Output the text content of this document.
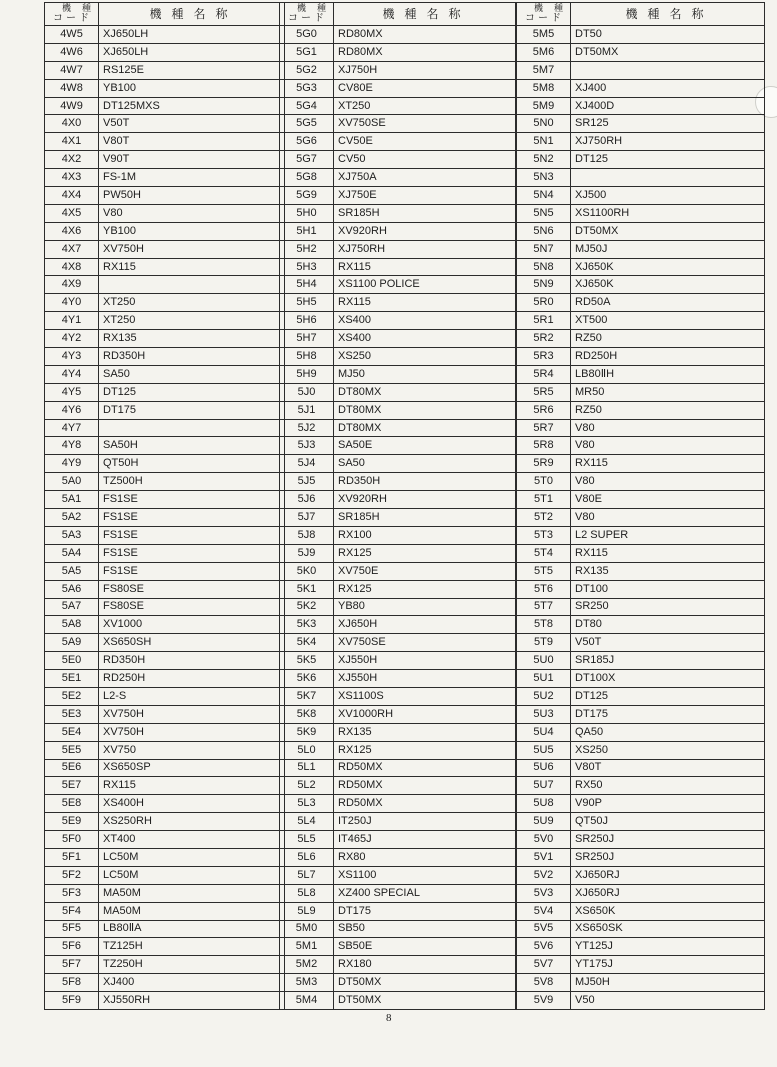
機　種
コード	機種名称
4W5	XJ650LH
4W6	XJ650LH
4W7	RS125E
4W8	YB100
4W9	DT125MXS
4X0	V50T
4X1	V80T
4X2	V90T
4X3	FS-1M
4X4	PW50H
4X5	V80
4X6	YB100
4X7	XV750H
4X8	RX115
4X9	
4Y0	XT250
4Y1	XT250
4Y2	RX135
4Y3	RD350H
4Y4	SA50
4Y5	DT125
4Y6	DT175
4Y7	
4Y8	SA50H
4Y9	QT50H
5A0	TZ500H
5A1	FS1SE
5A2	FS1SE
5A3	FS1SE
5A4	FS1SE
5A5	FS1SE
5A6	FS80SE
5A7	FS80SE
5A8	XV1000
5A9	XS650SH
5E0	RD350H
5E1	RD250H
5E2	L2-S
5E3	XV750H
5E4	XV750H
5E5	XV750
5E6	XS650SP
5E7	RX115
5E8	XS400H
5E9	XS250RH
5F0	XT400
5F1	LC50M
5F2	LC50M
5F3	MA50M
5F4	MA50M
5F5	LB80ⅡA
5F6	TZ125H
5F7	TZ250H
5F8	XJ400
5F9	XJ550RH
機　種
コード	機種名称
5G0	RD80MX
5G1	RD80MX
5G2	XJ750H
5G3	CV80E
5G4	XT250
5G5	XV750SE
5G6	CV50E
5G7	CV50
5G8	XJ750A
5G9	XJ750E
5H0	SR185H
5H1	XV920RH
5H2	XJ750RH
5H3	RX115
5H4	XS1100 POLICE
5H5	RX115
5H6	XS400
5H7	XS400
5H8	XS250
5H9	MJ50
5J0	DT80MX
5J1	DT80MX
5J2	DT80MX
5J3	SA50E
5J4	SA50
5J5	RD350H
5J6	XV920RH
5J7	SR185H
5J8	RX100
5J9	RX125
5K0	XV750E
5K1	RX125
5K2	YB80
5K3	XJ650H
5K4	XV750SE
5K5	XJ550H
5K6	XJ550H
5K7	XS1100S
5K8	XV1000RH
5K9	RX135
5L0	RX125
5L1	RD50MX
5L2	RD50MX
5L3	RD50MX
5L4	IT250J
5L5	IT465J
5L6	RX80
5L7	XS1100
5L8	XZ400 SPECIAL
5L9	DT175
5M0	SB50
5M1	SB50E
5M2	RX180
5M3	DT50MX
5M4	DT50MX
機　種
コード	機種名称
5M5	DT50
5M6	DT50MX
5M7	
5M8	XJ400
5M9	XJ400D
5N0	SR125
5N1	XJ750RH
5N2	DT125
5N3	
5N4	XJ500
5N5	XS1100RH
5N6	DT50MX
5N7	MJ50J
5N8	XJ650K
5N9	XJ650K
5R0	RD50A
5R1	XT500
5R2	RZ50
5R3	RD250H
5R4	LB80ⅡH
5R5	MR50
5R6	RZ50
5R7	V80
5R8	V80
5R9	RX115
5T0	V80
5T1	V80E
5T2	V80
5T3	L2 SUPER
5T4	RX115
5T5	RX135
5T6	DT100
5T7	SR250
5T8	DT80
5T9	V50T
5U0	SR185J
5U1	DT100X
5U2	DT125
5U3	DT175
5U4	QA50
5U5	XS250
5U6	V80T
5U7	RX50
5U8	V90P
5U9	QT50J
5V0	SR250J
5V1	SR250J
5V2	XJ650RJ
5V3	XJ650RJ
5V4	XS650K
5V5	XS650SK
5V6	YT125J
5V7	YT175J
5V8	MJ50H
5V9	V50
8
